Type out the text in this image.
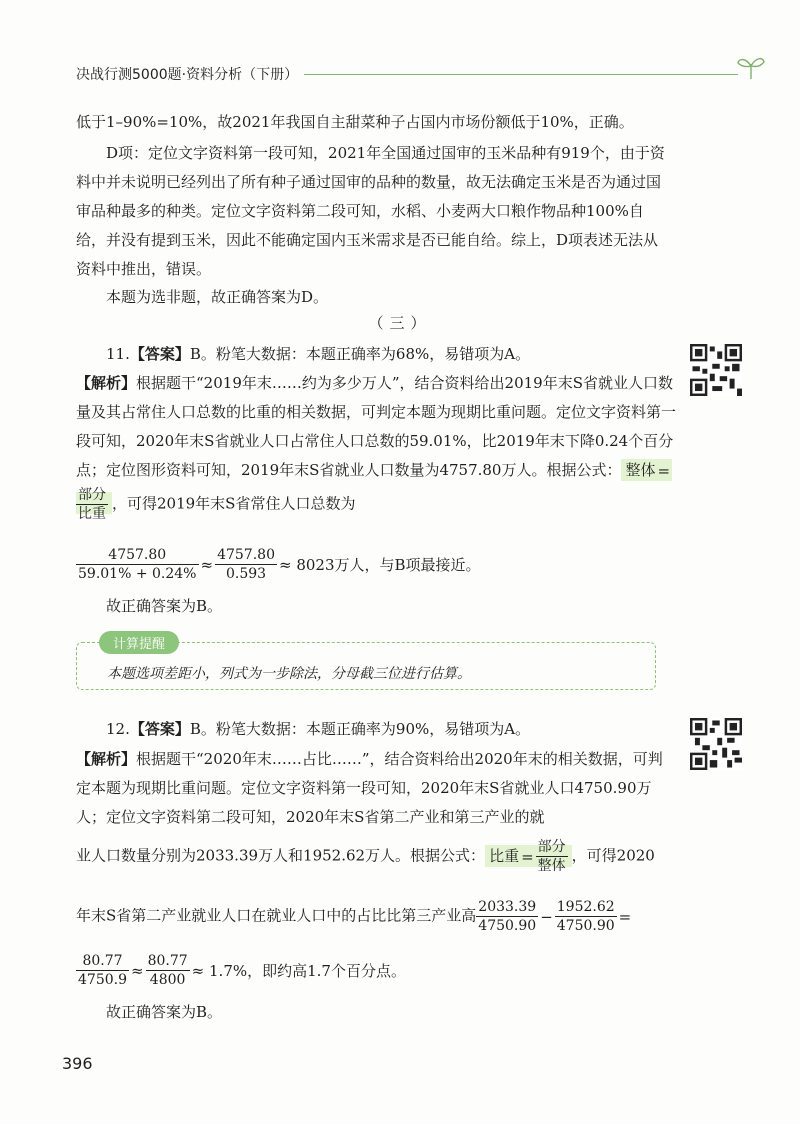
决战行测5000题·资料分析（下册）

低于1–90%=10%，故2021年我国自主甜菜种子占国内市场份额低于10%，正确。

D项：定位文字资料第一段可知，2021年全国通过国审的玉米品种有919个，由于资料中并未说明已经列出了所有种子通过国审的品种的数量，故无法确定玉米是否为通过国审品种最多的种类。定位文字资料第二段可知，水稻、小麦两大口粮作物品种100%自给，并没有提到玉米，因此不能确定国内玉米需求是否已能自给。综上，D项表述无法从资料中推出，错误。

本题为选非题，故正确答案为D。

（三）

11.【答案】B。粉笔大数据：本题正确率为68%，易错项为A。

【解析】根据题干“2019年末……约为多少万人”，结合资料给出2019年末S省就业人口数量及其占常住人口总数的比重的相关数据，可判定本题为现期比重问题。定位文字资料第一段可知，2020年末S省就业人口占常住人口总数的59.01%，比2019年末下降0.24个百分点；定位图形资料可知，2019年末S省就业人口数量为4757.80万人。根据公式： 整体 =
$\frac{\text{部分}}{\text{比重}}$ ，可得2019年末S省常住人口总数为

$\frac{4757.80}{59.01\% + 0.24\%} \approx \frac{4757.80}{0.593} \approx 8023$万人，与B项最接近。

故正确答案为B。

计算提醒
本题选项差距小，列式为一步除法，分母截三位进行估算。

12.【答案】B。粉笔大数据：本题正确率为90%，易错项为A。

【解析】根据题干“2020年末……占比……”，结合资料给出2020年末的相关数据，可判定本题为现期比重问题。定位文字资料第一段可知，2020年末S省就业人口4750.90万人；定位文字资料第二段可知，2020年末S省第二产业和第三产业的就

业人口数量分别为2033.39万人和1952.62万人。根据公式： 比重 = $\frac{\text{部分}}{\text{整体}}$ ，可得2020
年末S省第二产业就业人口在就业人口中的占比比第三产业高 $\frac{2033.39}{4750.90} - \frac{1952.62}{4750.90}$ =
$\frac{80.77}{4750.9} \approx \frac{80.77}{4800} \approx 1.7\%$，即约高1.7个百分点。

故正确答案为B。

396
